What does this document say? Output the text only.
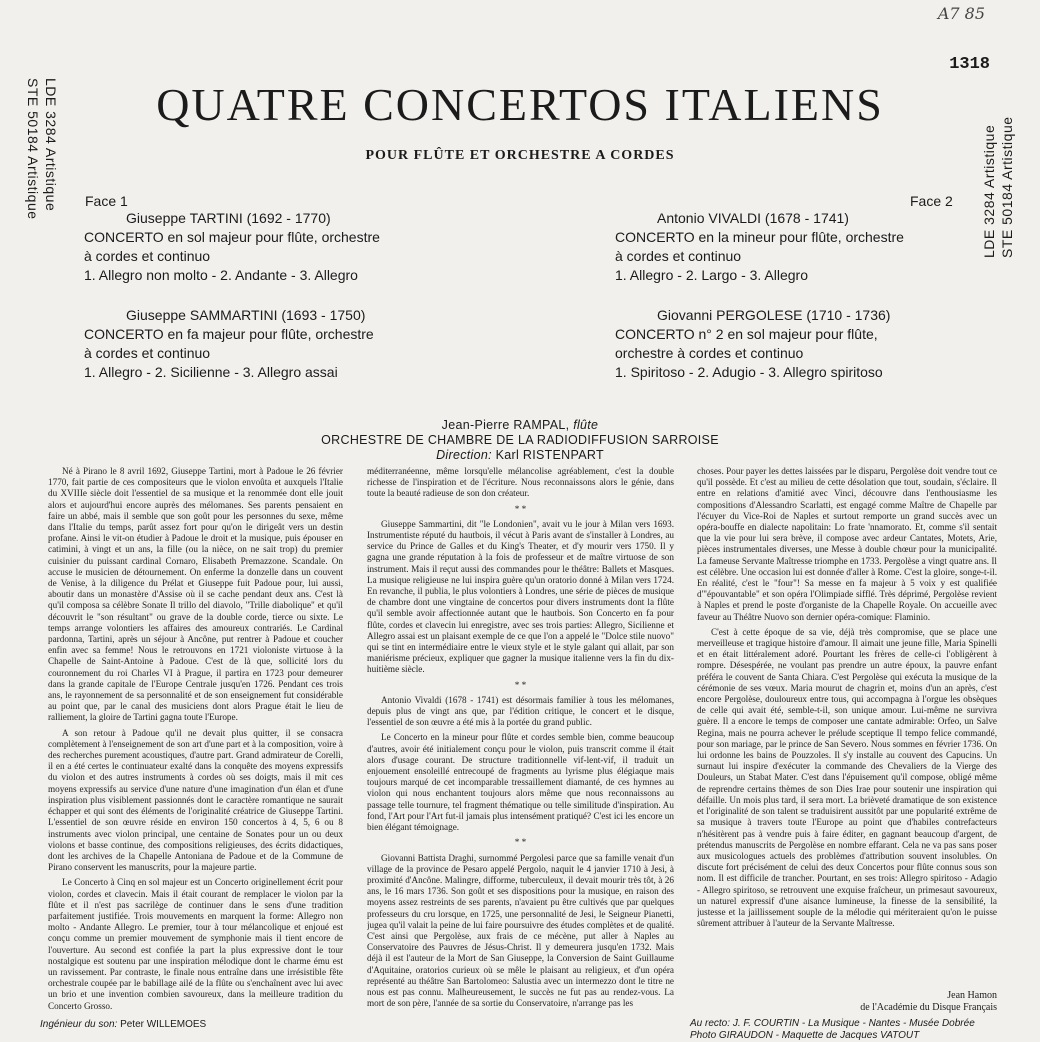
A7 85
1318
LDE 3284 Artistique
STE 50184 Artistique	LDE 3284 Artistique STE 50184 Artistique
QUATRE CONCERTOS ITALIENS
POUR FLÛTE ET ORCHESTRE A CORDES
Face 1	Face 2
Giuseppe TARTINI (1692 - 1770)
CONCERTO en sol majeur pour flûte, orchestre
à cordes et continuo
1. Allegro non molto - 2. Andante - 3. Allegro
Giuseppe SAMMARTINI (1693 - 1750)
CONCERTO en fa majeur pour flûte, orchestre
à cordes et continuo
1. Allegro - 2. Sicilienne - 3. Allegro assai
Antonio VIVALDI (1678 - 1741)
CONCERTO en la mineur pour flûte, orchestre
à cordes et continuo
1. Allegro - 2. Largo - 3. Allegro
Giovanni PERGOLESE (1710 - 1736)
CONCERTO n° 2 en sol majeur pour flûte,
orchestre à cordes et continuo
1. Spiritoso - 2. Adugio - 3. Allegro spiritoso
Jean-Pierre RAMPAL, flûte
ORCHESTRE DE CHAMBRE DE LA RADIODIFFUSION SARROISE
Direction: Karl RISTENPART

Né à Pirano le 8 avril 1692, Giuseppe Tartini, mort à Padoue le 26 février 1770, fait partie de ces compositeurs que le violon envoûta et auxquels l'Italie du XVIIIe siècle doit l'essentiel de sa musique et la renommée dont elle jouit alors et aujourd'hui encore auprès des mélomanes. Ses parents pensaient en faire un abbé, mais il semble que son goût pour les personnes du sexe, même dans l'Italie du temps, parût assez fort pour qu'on le dirigeât vers un destin profane. Ainsi le vit-on étudier à Padoue le droit et la musique, puis épouser en catimini, à vingt et un ans, la fille (ou la nièce, on ne sait trop) du premier cuisinier du puissant cardinal Cornaro, Elisabeth Premazzone. Scandale. On accuse le musicien de détournement. On enferme la donzelle dans un couvent de Venise, à la diligence du Prélat et Giuseppe fuit Padoue pour, lui aussi, aboutir dans un monastère d'Assise où il se cache pendant deux ans. C'est là qu'il composa sa célèbre Sonate Il trillo del diavolo, "Trille diabolique" et qu'il découvrit le "son résultant" ou grave de la double corde, tierce ou sixte. Le temps arrange volontiers les affaires des amoureux contrariés. Le Cardinal pardonna, Tartini, après un séjour à Ancône, put rentrer à Padoue et coucher enfin avec sa femme! Nous le retrouvons en 1721 violoniste virtuose à la Chapelle de Saint-Antoine à Padoue. C'est de là que, sollicité lors du couronnement du roi Charles VI à Prague, il partira en 1723 pour demeurer dans la grande capitale de l'Europe Centrale jusqu'en 1726. Pendant ces trois ans, le rayonnement de sa personnalité et de son enseignement fut considérable au point que, par le canal des musiciens dont alors Prague était le lieu de ralliement, la gloire de Tartini gagna toute l'Europe.

A son retour à Padoue qu'il ne devait plus quitter, il se consacra complètement à l'enseignement de son art d'une part et à la composition, voire à des recherches purement acoustiques, d'autre part. Grand admirateur de Corelli, il en a été certes le continuateur exalté dans la conquête des moyens expressifs du violon et des autres instruments à cordes où ses doigts, mais il mit ces moyens expressifs au service d'une nature d'une imagination d'un élan et d'une inspiration plus visiblement passionnés dont le caractère romantique ne saurait échapper et qui sont des éléments de l'originalité créatrice de Giuseppe Tartini. L'essentiel de son œuvre réside en environ 150 concertos à 4, 5, 6 ou 8 instruments avec violon principal, une centaine de Sonates pour un ou deux violons et basse continue, des compositions religieuses, des écrits didactiques, dont les archives de la Chapelle Antoniana de Padoue et de la Commune de Pirano conservent les manuscrits, pour la majeure partie.

Le Concerto à Cinq en sol majeur est un Concerto originellement écrit pour violon, cordes et clavecin. Mais il était courant de remplacer le violon par la flûte et il n'est pas sacrilège de continuer dans le sens d'une tradition parfaitement justifiée. Trois mouvements en marquent la forme: Allegro non molto - Andante Allegro. Le premier, tour à tour mélancolique et enjoué est conçu comme un premier mouvement de symphonie mais il tient encore de l'ouverture. Au second est confiée la part la plus expressive dont le tour nostalgique est soutenu par une inspiration mélodique dont le charme ému est un ravissement. Par contraste, le finale nous entraîne dans une irrésistible fête orchestrale coupée par le babillage ailé de la flûte ou s'enchaînent avec lui avec un brio et une invention combien savoureux, dans la meilleure tradition du Concerto Grosso.

méditerranéenne, même lorsqu'elle mélancolise agréablement, c'est la double richesse de l'inspiration et de l'écriture. Nous reconnaissons alors le génie, dans toute la beauté radieuse de son don créateur.

* *

Giuseppe Sammartini, dit "le Londonien", avait vu le jour à Milan vers 1693. Instrumentiste réputé du hautbois, il vécut à Paris avant de s'installer à Londres, au service du Prince de Galles et du King's Theater, et d'y mourir vers 1750. Il y gagna une grande réputation à la fois de professeur et de maître virtuose de son instrument. Mais il reçut aussi des commandes pour le théâtre: Ballets et Masques. La musique religieuse ne lui inspira guère qu'un oratorio donné à Milan vers 1724. En revanche, il publia, le plus volontiers à Londres, une série de pièces de musique de chambre dont une vingtaine de concertos pour divers instruments dont la flûte qu'il semble avoir affectionnée autant que le hautbois. Son Concerto en fa pour flûte, cordes et clavecin lui enregistre, avec ses trois parties: Allegro, Sicilienne et Allegro assai est un plaisant exemple de ce que l'on a appelé le "Dolce stile nuovo" qui se tint en intermédiaire entre le vieux style et le style galant qui allait, par son maniérisme précieux, expliquer que gagner la musique italienne vers la fin du dix-huitième siècle.

* *

Antonio Vivaldi (1678 - 1741) est désormais familier à tous les mélomanes, depuis plus de vingt ans que, par l'édition critique, le concert et le disque, l'essentiel de son œuvre a été mis à la portée du grand public.

Le Concerto en la mineur pour flûte et cordes semble bien, comme beaucoup d'autres, avoir été initialement conçu pour le violon, puis transcrit comme il était alors d'usage courant. De structure traditionnelle vif-lent-vif, il traduit un enjouement ensoleillé entrecoupé de fragments au lyrisme plus élégiaque mais toujours marqué de cet incomparable tressaillement diamanté, de ces hymnes au violon qui nous enchantent toujours alors même que nous reconnaissons au passage telle tournure, tel fragment thématique ou telle similitude d'inspiration. Au fond, l'Art pour l'Art fut-il jamais plus intensément pratiqué? C'est ici les encore un bien élégant témoignage.

* *

Giovanni Battista Draghi, surnommé Pergolesi parce que sa famille venait d'un village de la province de Pesaro appelé Pergolo, naquit le 4 janvier 1710 à Jesi, à proximité d'Ancône. Malingre, difforme, tuberculeux, il devait mourir très tôt, à 26 ans, le 16 mars 1736. Son goût et ses dispositions pour la musique, en raison des moyens assez restreints de ses parents, n'avaient pu être cultivés que par quelques professeurs du cru lorsque, en 1725, une personnalité de Jesi, le Seigneur Pianetti, jugea qu'il valait la peine de lui faire poursuivre des études complètes et de qualité. C'est ainsi que Pergolèse, aux frais de ce mécène, put aller à Naples au Conservatoire des Pauvres de Jésus-Christ. Il y demeurera jusqu'en 1732. Mais déjà il est l'auteur de la Mort de San Giuseppe, la Conversion de Saint Guillaume d'Aquitaine, oratorios curieux où se mêle le plaisant au religieux, et d'un opéra représenté au théâtre San Bartolomeo: Salustia avec un intermezzo dont le titre ne nous est pas connu. Malheureusement, le succès ne fut pas au rendez-vous. La mort de son père, l'année de sa sortie du Conservatoire, n'arrange pas les

choses. Pour payer les dettes laissées par le disparu, Pergolèse doit vendre tout ce qu'il possède. Et c'est au milieu de cette désolation que tout, soudain, s'éclaire. Il entre en relations d'amitié avec Vinci, découvre dans l'enthousiasme les compositions d'Alessandro Scarlatti, est engagé comme Maître de Chapelle par l'écuyer du Vice-Roi de Naples et surtout remporte un grand succès avec un opéra-bouffe en dialecte napolitain: Lo frate 'nnamorato. Et, comme s'il sentait que la vie pour lui sera brève, il compose avec ardeur Cantates, Motets, Arie, pièces instrumentales diverses, une Messe à double chœur pour la municipalité. La fameuse Servante Maîtresse triomphe en 1733. Pergolèse a vingt quatre ans. Il est célèbre. Une occasion lui est donnée d'aller à Rome. C'est la gloire, songe-t-il. En réalité, c'est le "four"! Sa messe en fa majeur à 5 voix y est qualifiée d'"épouvantable" et son opéra l'Olimpiade sifflé. Très déprimé, Pergolèse revient à Naples et prend le poste d'organiste de la Chapelle Royale. On accueille avec faveur au Théâtre Nuovo son dernier opéra-comique: Flaminio.

C'est à cette époque de sa vie, déjà très compromise, que se place une merveilleuse et tragique histoire d'amour. Il aimait une jeune fille, Maria Spinelli et en était littéralement adoré. Pourtant les frères de celle-ci l'obligèrent à rompre. Désespérée, ne voulant pas prendre un autre époux, la pauvre enfant préféra le couvent de Santa Chiara. C'est Pergolèse qui exécuta la musique de la cérémonie de ses vœux. Maria mourut de chagrin et, moins d'un an après, c'est encore Pergolèse, douloureux entre tous, qui accompagna à l'orgue les obsèques de celle qui avait été, semble-t-il, son unique amour. Lui-même ne survivra guère. Il a encore le temps de composer une cantate admirable: Orfeo, un Salve Regina, mais ne pourra achever le prélude sceptique Il tempo felice commandé, pour son mariage, par le prince de San Severo. Nous sommes en février 1736. On lui ordonne les bains de Pouzzoles. Il s'y installe au couvent des Capucins. Un surnaut lui inspire d'exécuter la commande des Chevaliers de la Vierge des Douleurs, un Stabat Mater. C'est dans l'épuisement qu'il compose, obligé même de reprendre certains thèmes de son Dies Irae pour soutenir une inspiration qui défaille. Un mois plus tard, il sera mort. La brièveté dramatique de son existence et l'originalité de son talent se traduisirent aussitôt par une popularité extrême de sa musique à travers toute l'Europe au point que d'habiles contrefacteurs n'hésitèrent pas à vendre puis à faire éditer, en gagnant beaucoup d'argent, de prétendus manuscrits de Pergolèse en nombre effarant. Cela ne va pas sans poser aux musicologues actuels des problèmes d'attribution souvent insolubles. On discute fort précisément de celui des deux Concertos pour flûte connus sous son nom. Il est difficile de trancher. Pourtant, en ses trois: Allegro spiritoso - Adagio - Allegro spiritoso, se retrouvent une exquise fraîcheur, un primesaut savoureux, un naturel expressif d'une aisance lumineuse, la finesse de la sensibilité, la justesse et la jaillissement souple de la mélodie qui mériteraient qu'on le puisse sûrement attribuer à l'auteur de la Servante Maîtresse.

Jean Hamon
de l'Académie du Disque Français
Ingénieur du son: Peter WILLEMOES	Au recto: J. F. COURTIN - La Musique - Nantes - Musée Dobrée
Photo GIRAUDON - Maquette de Jacques VATOUT
